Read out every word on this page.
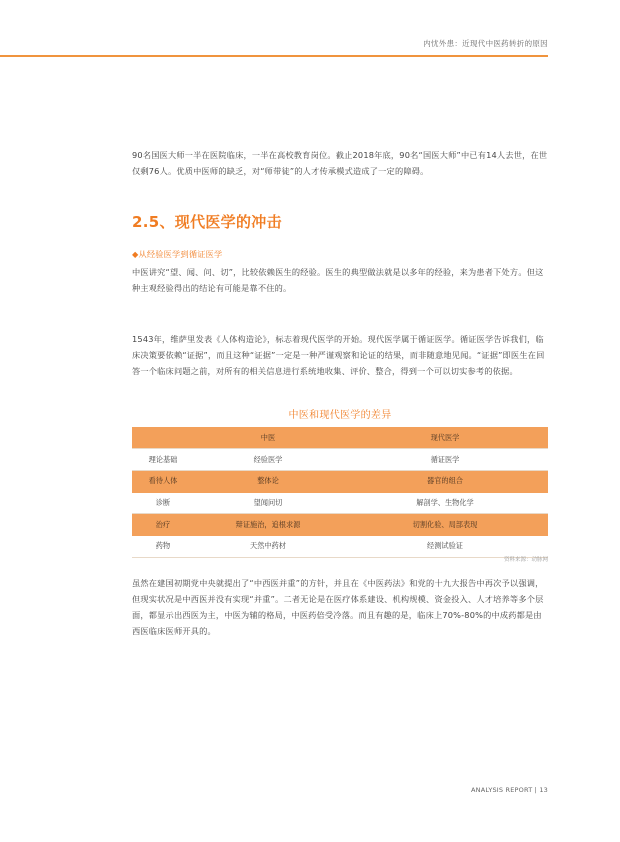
内忧外患：近现代中医药转折的原因

90名国医大师一半在医院临床，一半在高校教育岗位。截止2018年底，90名“国医大师”中已有14人去世，在世仅剩76人。优质中医师的缺乏，对“师带徒”的人才传承模式造成了一定的障碍。

2.5、现代医学的冲击
◆从经验医学到循证医学

中医讲究“望、闻、问、切”，比较依赖医生的经验。医生的典型做法就是以多年的经验，来为患者下处方。但这种主观经验得出的结论有可能是靠不住的。

1543年，维萨里发表《人体构造论》，标志着现代医学的开始。现代医学属于循证医学。循证医学告诉我们，临床决策要依赖“证据”，而且这种“证据”一定是一种严谨观察和论证的结果，而非随意地见闻。“证据”即医生在回答一个临床问题之前，对所有的相关信息进行系统地收集、评价、整合，得到一个可以切实参考的依据。

中医和现代医学的差异
	中医	现代医学
理论基础	经验医学	循证医学
看待人体	整体论	器官的组合
诊断	望闻问切	解剖学、生物化学
治疗	辩证施治，追根求源	切割化验、局部表现
药物	天然中药材	经测试验证
资料来源：动脉网

虽然在建国初期党中央就提出了“中西医并重”的方针，并且在《中医药法》和党的十九大报告中再次予以强调，但现实状况是中西医并没有实现“并重”。二者无论是在医疗体系建设、机构规模、资金投入、人才培养等多个层面，都显示出西医为主，中医为辅的格局，中医药倍受冷落。而且有趣的是，临床上70%-80%的中成药都是由西医临床医师开具的。

ANALYSIS REPORT | 13
